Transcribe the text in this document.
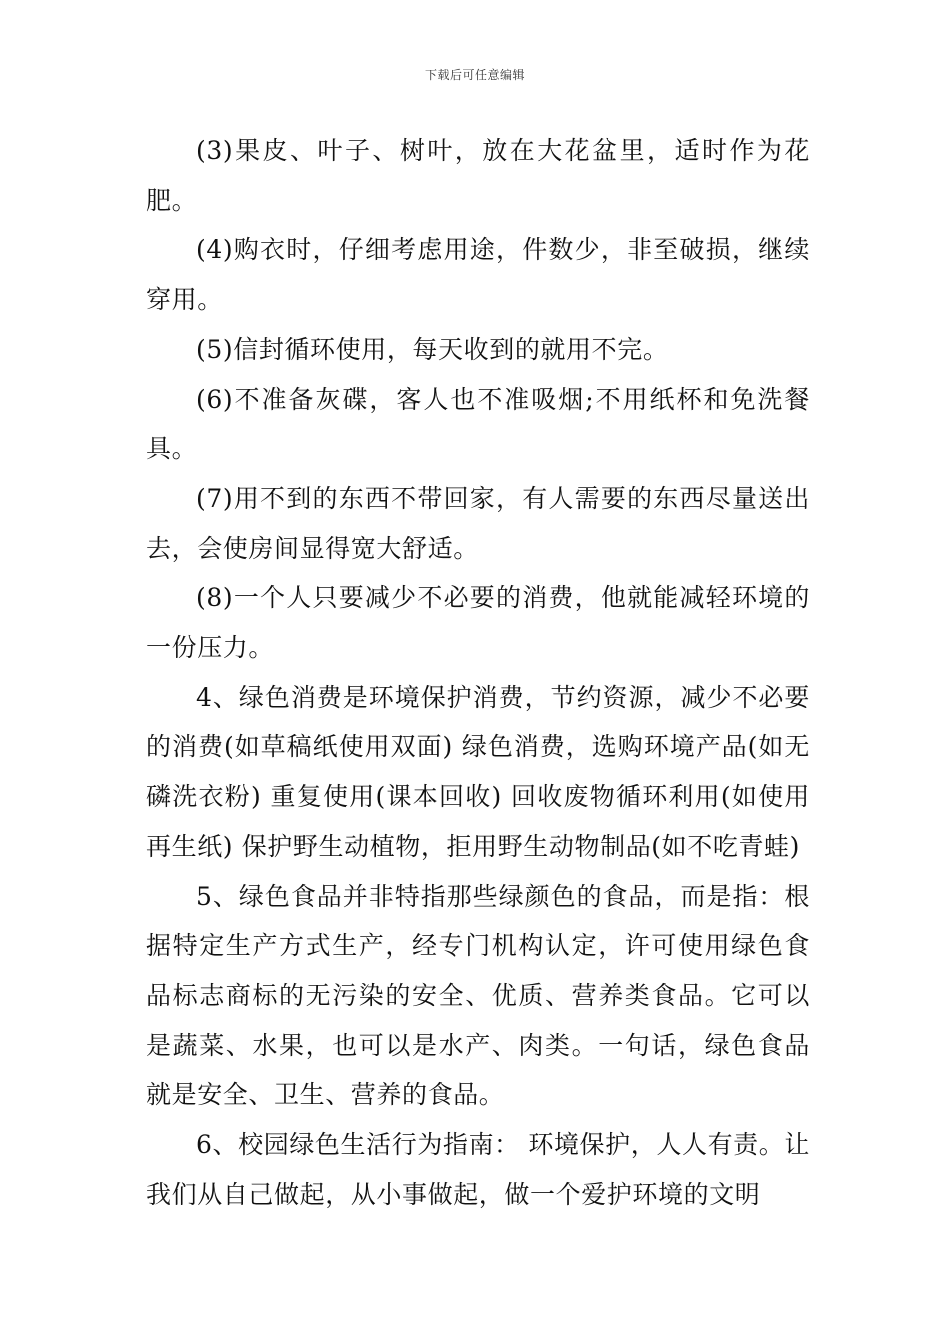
下载后可任意编辑

(3)果皮、叶子、树叶，放在大花盆里，适时作为花肥。

(4)购衣时，仔细考虑用途，件数少，非至破损，继续穿用。

(5)信封循环使用，每天收到的就用不完。

(6)不准备灰碟，客人也不准吸烟;不用纸杯和免洗餐具。

(7)用不到的东西不带回家，有人需要的东西尽量送出去，会使房间显得宽大舒适。

(8)一个人只要减少不必要的消费，他就能减轻环境的一份压力。

4、绿色消费是环境保护消费，节约资源，减少不必要的消费(如草稿纸使用双面) 绿色消费，选购环境产品(如无磷洗衣粉) 重复使用(课本回收) 回收废物循环利用(如使用再生纸) 保护野生动植物，拒用野生动物制品(如不吃青蛙)

5、绿色食品并非特指那些绿颜色的食品，而是指：根据特定生产方式生产，经专门机构认定，许可使用绿色食品标志商标的无污染的安全、优质、营养类食品。它可以是蔬菜、水果，也可以是水产、肉类。一句话，绿色食品就是安全、卫生、营养的食品。

6、校园绿色生活行为指南： 环境保护，人人有责。让我们从自己做起，从小事做起，做一个爱护环境的文明
